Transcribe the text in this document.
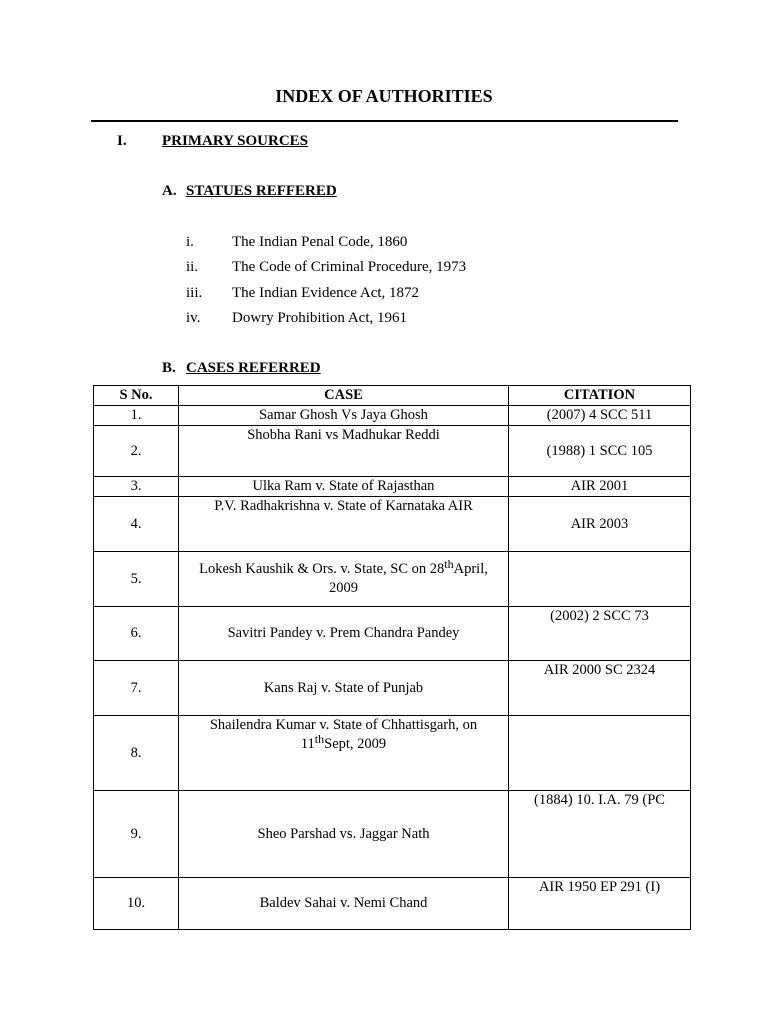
INDEX OF AUTHORITIES
I. PRIMARY SOURCES
A. STATUES REFFERED
i.	The Indian Penal Code, 1860
ii. The Code of Criminal Procedure, 1973
iii. The Indian Evidence Act, 1872
iv. Dowry Prohibition Act, 1961
B. CASES REFERRED
S No.	CASE	CITATION
1.	Samar Ghosh Vs Jaya Ghosh	(2007) 4 SCC 511
2.	Shobha Rani vs Madhukar Reddi	(1988) 1 SCC 105
3.	Ulka Ram v. State of Rajasthan	AIR 2001
4.	P.V. Radhakrishna v. State of Karnataka AIR	AIR 2003
5.	Lokesh Kaushik & Ors. v. State, SC on 28thApril, 2009	
6.	Savitri Pandey v. Prem Chandra Pandey	(2002) 2 SCC 73
7.	Kans Raj v. State of Punjab	AIR 2000 SC 2324
8.	Shailendra Kumar v. State of Chhattisgarh, on 11thSept, 2009	
9.	Sheo Parshad vs. Jaggar Nath	(1884) 10. I.A. 79 (PC
10.	Baldev Sahai v. Nemi Chand	AIR 1950 EP 291 (I)
